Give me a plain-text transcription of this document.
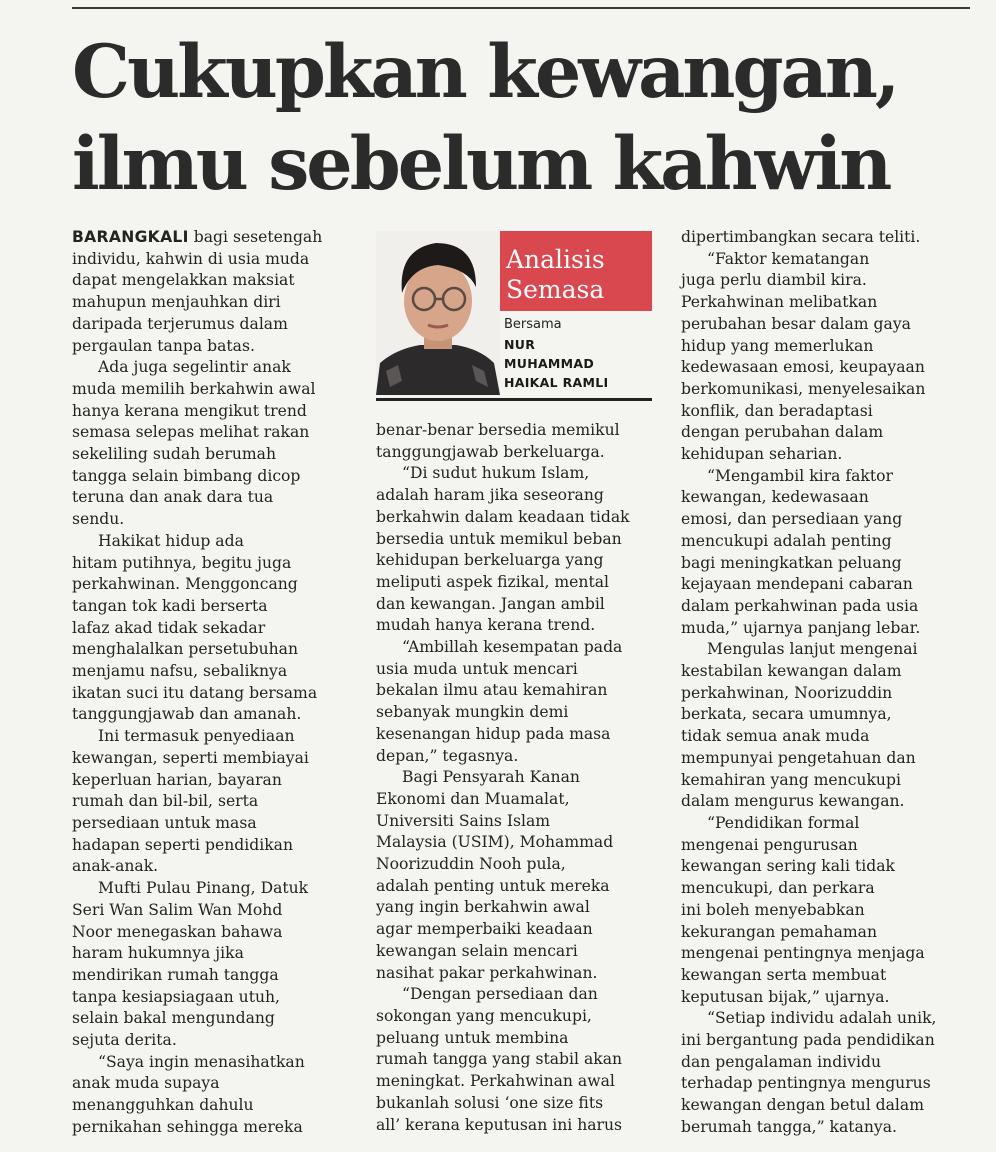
Cukupkan kewangan,
ilmu sebelum kahwin
BARANGKALI bagi sesetengah
individu, kahwin di usia muda
dapat mengelakkan maksiat
mahupun menjauhkan diri
daripada terjerumus dalam
pergaulan tanpa batas.
Ada juga segelintir anak
muda memilih berkahwin awal
hanya kerana mengikut trend
semasa selepas melihat rakan
sekeliling sudah berumah
tangga selain bimbang dicop
teruna dan anak dara tua
sendu.
Hakikat hidup ada
hitam putihnya, begitu juga
perkahwinan. Menggoncang
tangan tok kadi berserta
lafaz akad tidak sekadar
menghalalkan persetubuhan
menjamu nafsu, sebaliknya
ikatan suci itu datang bersama
tanggungjawab dan amanah.
Ini termasuk penyediaan
kewangan, seperti membiayai
keperluan harian, bayaran
rumah dan bil-bil, serta
persediaan untuk masa
hadapan seperti pendidikan
anak-anak.
Mufti Pulau Pinang, Datuk
Seri Wan Salim Wan Mohd
Noor menegaskan bahawa
haram hukumnya jika
mendirikan rumah tangga
tanpa kesiapsiagaan utuh,
selain bakal mengundang
sejuta derita.
“Saya ingin menasihatkan
anak muda supaya
menangguhkan dahulu
pernikahan sehingga mereka
Analisis
Semasa
Bersama
NUR
MUHAMMAD
HAIKAL RAMLI
benar-benar bersedia memikul
tanggungjawab berkeluarga.
“Di sudut hukum Islam,
adalah haram jika seseorang
berkahwin dalam keadaan tidak
bersedia untuk memikul beban
kehidupan berkeluarga yang
meliputi aspek fizikal, mental
dan kewangan. Jangan ambil
mudah hanya kerana trend.
“Ambillah kesempatan pada
usia muda untuk mencari
bekalan ilmu atau kemahiran
sebanyak mungkin demi
kesenangan hidup pada masa
depan,” tegasnya.
Bagi Pensyarah Kanan
Ekonomi dan Muamalat,
Universiti Sains Islam
Malaysia (USIM), Mohammad
Noorizuddin Nooh pula,
adalah penting untuk mereka
yang ingin berkahwin awal
agar memperbaiki keadaan
kewangan selain mencari
nasihat pakar perkahwinan.
“Dengan persediaan dan
sokongan yang mencukupi,
peluang untuk membina
rumah tangga yang stabil akan
meningkat. Perkahwinan awal
bukanlah solusi ‘one size fits
all’ kerana keputusan ini harus
dipertimbangkan secara teliti.
“Faktor kematangan
juga perlu diambil kira.
Perkahwinan melibatkan
perubahan besar dalam gaya
hidup yang memerlukan
kedewasaan emosi, keupayaan
berkomunikasi, menyelesaikan
konflik, dan beradaptasi
dengan perubahan dalam
kehidupan seharian.
“Mengambil kira faktor
kewangan, kedewasaan
emosi, dan persediaan yang
mencukupi adalah penting
bagi meningkatkan peluang
kejayaan mendepani cabaran
dalam perkahwinan pada usia
muda,” ujarnya panjang lebar.
Mengulas lanjut mengenai
kestabilan kewangan dalam
perkahwinan, Noorizuddin
berkata, secara umumnya,
tidak semua anak muda
mempunyai pengetahuan dan
kemahiran yang mencukupi
dalam mengurus kewangan.
“Pendidikan formal
mengenai pengurusan
kewangan sering kali tidak
mencukupi, dan perkara
ini boleh menyebabkan
kekurangan pemahaman
mengenai pentingnya menjaga
kewangan serta membuat
keputusan bijak,” ujarnya.
“Setiap individu adalah unik,
ini bergantung pada pendidikan
dan pengalaman individu
terhadap pentingnya mengurus
kewangan dengan betul dalam
berumah tangga,” katanya.
